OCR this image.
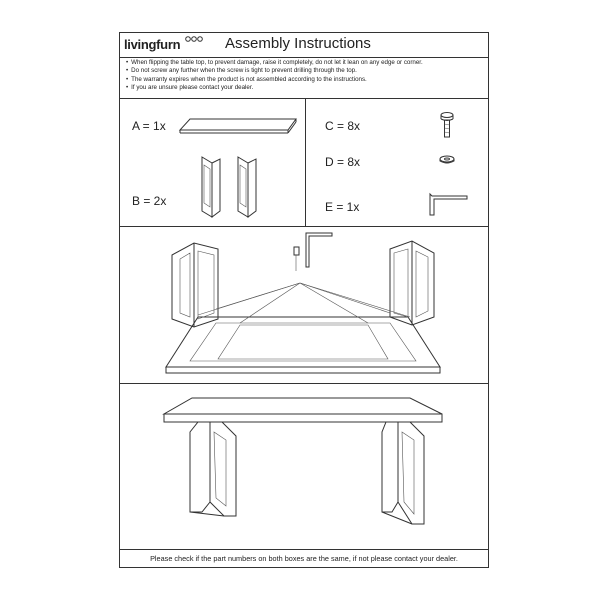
livingfurn	Assembly Instructions
• When flipping the table top, to prevent damage, raise it completely, do not let it lean on any edge or corner.
• Do not screw any further when the screw is tight to prevent drilling through the top.
• The warranty expires when the product is not assembled according to the instructions.
• If you are unsure please contact your dealer.
A = 1x
B = 2x
C = 8x
D = 8x
E = 1x
Please check if the part numbers on both boxes are the same, if not please contact your dealer.
